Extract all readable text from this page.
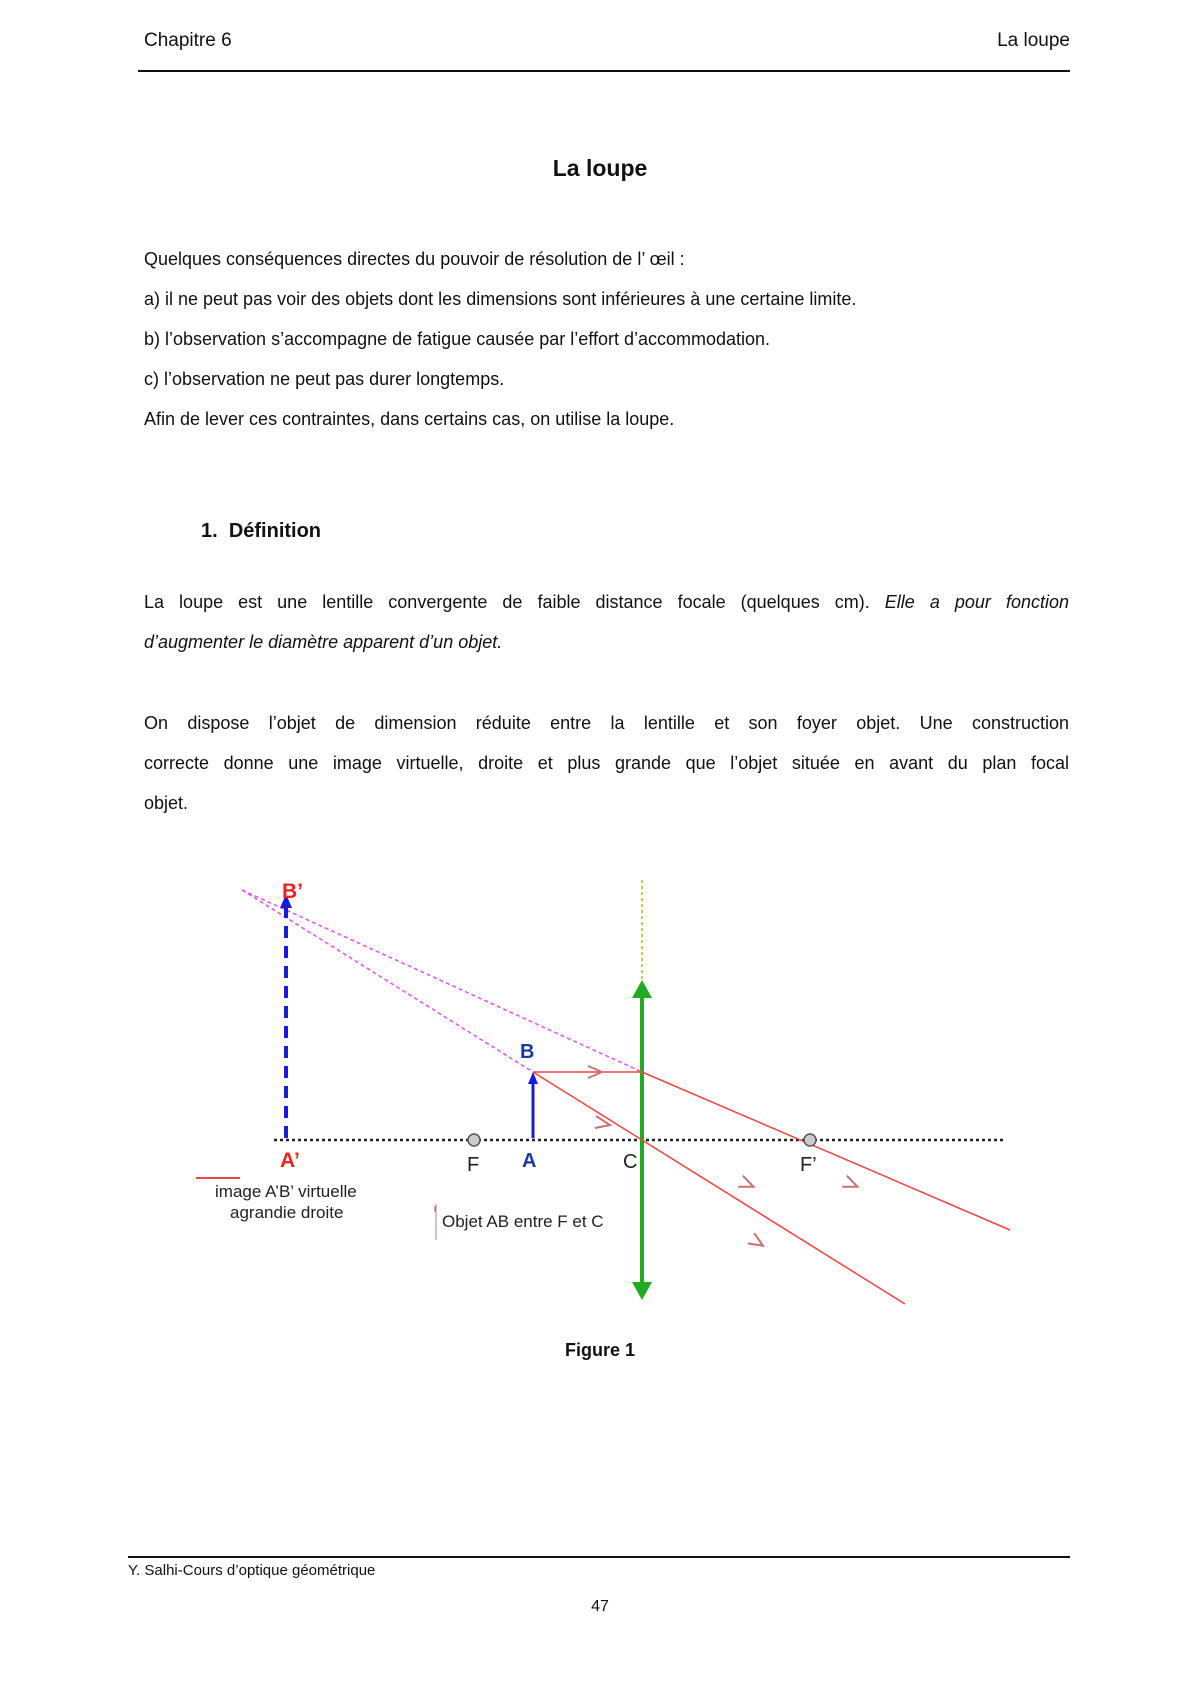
Chapitre 6	La loupe
La loupe
Quelques conséquences directes du pouvoir de résolution de l’ œil :
a) il ne peut pas voir des objets dont les dimensions sont inférieures à une certaine limite.
b) l’observation s’accompagne de fatigue causée par l’effort d’accommodation.
c) l’observation ne peut pas durer longtemps.
Afin de lever ces contraintes, dans certains cas, on utilise la loupe.
1. Définition
La loupe est une lentille convergente de faible distance focale (quelques cm). Elle a pour fonction
d’augmenter le diamètre apparent d’un objet.
On dispose l’objet de dimension réduite entre la lentille et son foyer objet. Une construction
correcte donne une image virtuelle, droite et plus grande que l’objet située en avant du plan focal
objet.
B’
A’
B
A
F	C	F’
image A’B’ virtuelle
agrandie droite	Objet AB entre F et C
Figure 1
Y. Salhi-Cours d’optique géométrique
47
